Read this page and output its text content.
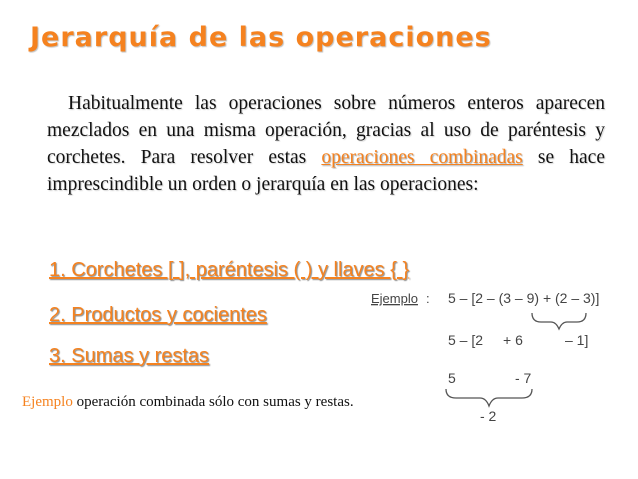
Jerarquía de las operaciones
Habitualmente las operaciones sobre números enteros aparecen mezclados en una misma operación, gracias al uso de paréntesis y corchetes. Para resolver estas operaciones combinadas se hace imprescindible un orden o jerarquía en las operaciones:
1. Corchetes [ ], paréntesis ( ) y llaves { }
2. Productos y cocientes
3. Sumas y restas
Ejemplo operación combinada sólo con sumas y restas.
Ejemplo : 5 – [2 – (3 – 9) + (2 – 3)]
5 – [2 + 6	– 1]
5	- 7
- 2
